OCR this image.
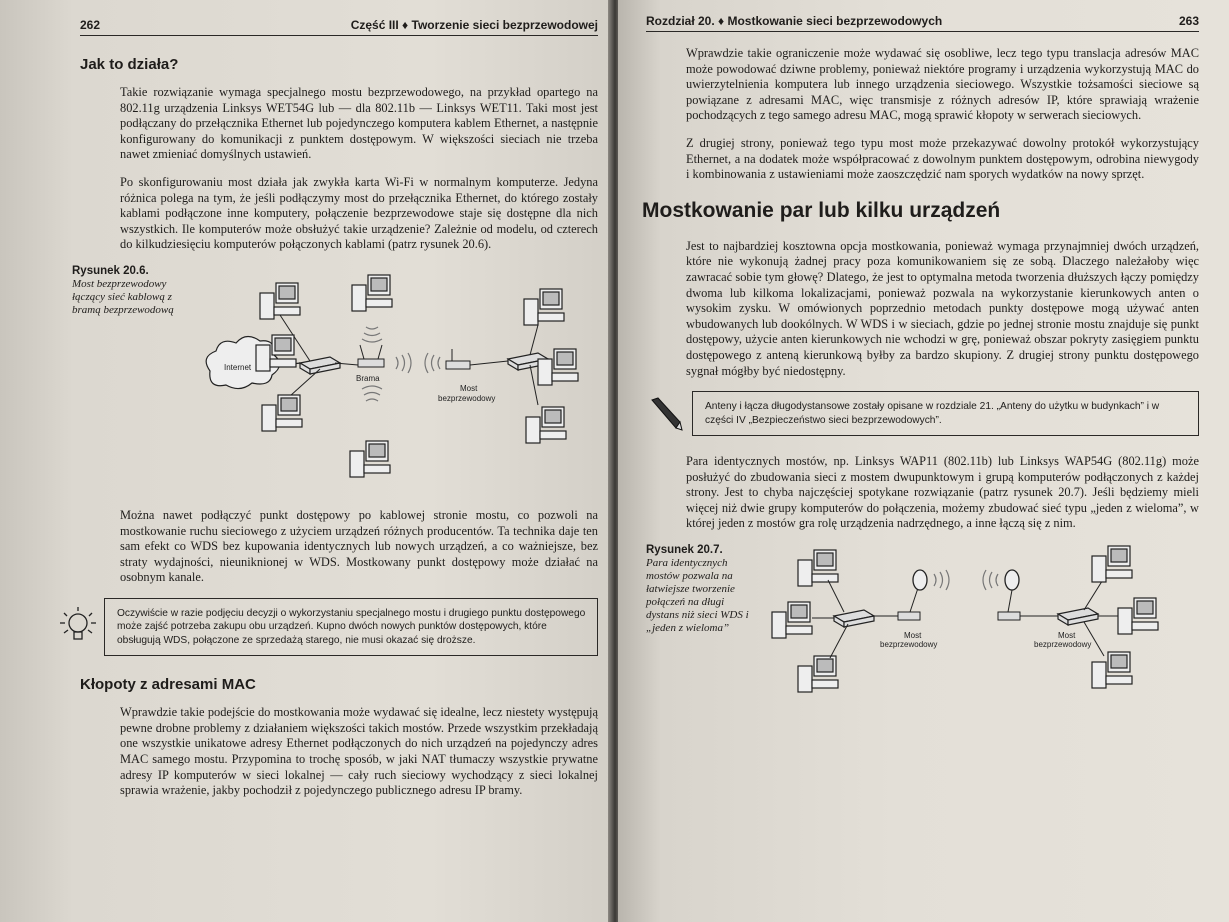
262	Część III ♦ Tworzenie sieci bezprzewodowej
Jak to działa?

Takie rozwiązanie wymaga specjalnego mostu bezprzewodowego, na przykład opartego na 802.11g urządzenia Linksys WET54G lub — dla 802.11b — Linksys WET11. Taki most jest podłączany do przełącznika Ethernet lub pojedynczego komputera kablem Ethernet, a następnie konfigurowany do komunikacji z punktem dostępowym. W większości sieciach nie trzeba nawet zmieniać domyślnych ustawień.

Po skonfigurowaniu most działa jak zwykła karta Wi-Fi w normalnym komputerze. Jedyna różnica polega na tym, że jeśli podłączymy most do przełącznika Ethernet, do którego zostały kablami podłączone inne komputery, połączenie bezprzewodowe staje się dostępne dla nich wszystkich. Ile komputerów może obsłużyć takie urządzenie? Zależnie od modelu, od czterech do kilkudziesięciu komputerów połączonych kablami (patrz rysunek 20.6).

Rysunek 20.6.
Most bezprzewodowy łączący sieć kablową z bramą bezprzewodową
Internet
Brama
Most
bezprzewodowy

Można nawet podłączyć punkt dostępowy po kablowej stronie mostu, co pozwoli na mostkowanie ruchu sieciowego z użyciem urządzeń różnych producentów. Ta technika daje ten sam efekt co WDS bez kupowania identycznych lub nowych urządzeń, a co ważniejsze, bez straty wydajności, nieuniknionej w WDS. Mostkowany punkt dostępowy może działać na osobnym kanale.

Oczywiście w razie podjęciu decyzji o wykorzystaniu specjalnego mostu i drugiego punktu dostępowego może zajść potrzeba zakupu obu urządzeń. Kupno dwóch nowych punktów dostępowych, które obsługują WDS, połączone ze sprzedażą starego, nie musi okazać się droższe.
Kłopoty z adresami MAC

Wprawdzie takie podejście do mostkowania może wydawać się idealne, lecz niestety występują pewne drobne problemy z działaniem większości takich mostów. Przede wszystkim przekładają one wszystkie unikatowe adresy Ethernet podłączonych do nich urządzeń na pojedynczy adres MAC samego mostu. Przypomina to trochę sposób, w jaki NAT tłumaczy wszystkie prywatne adresy IP komputerów w sieci lokalnej — cały ruch sieciowy wychodzący z sieci lokalnej sprawia wrażenie, jakby pochodził z pojedynczego publicznego adresu IP bramy.

Rozdział 20. ♦ Mostkowanie sieci bezprzewodowych	263

Wprawdzie takie ograniczenie może wydawać się osobliwe, lecz tego typu translacja adresów MAC może powodować dziwne problemy, ponieważ niektóre programy i urządzenia wykorzystują MAC do uwierzytelnienia komputera lub innego urządzenia sieciowego. Wszystkie tożsamości sieciowe są powiązane z adresami MAC, więc transmisje z różnych adresów IP, które sprawiają wrażenie pochodzących z tego samego adresu MAC, mogą sprawić kłopoty w serwerach sieciowych.

Z drugiej strony, ponieważ tego typu most może przekazywać dowolny protokół wykorzystujący Ethernet, a na dodatek może współpracować z dowolnym punktem dostępowym, odrobina niewygody i kombinowania z ustawieniami może zaoszczędzić nam sporych wydatków na nowy sprzęt.

Mostkowanie par lub kilku urządzeń

Jest to najbardziej kosztowna opcja mostkowania, ponieważ wymaga przynajmniej dwóch urządzeń, które nie wykonują żadnej pracy poza komunikowaniem się ze sobą. Dlaczego należałoby więc zawracać sobie tym głowę? Dlatego, że jest to optymalna metoda tworzenia dłuższych łączy pomiędzy dwoma lub kilkoma lokalizacjami, ponieważ pozwala na wykorzystanie kierunkowych anten o wysokim zysku. W omówionych poprzednio metodach punkty dostępowe mogą używać anten wbudowanych lub dookólnych. W WDS i w sieciach, gdzie po jednej stronie mostu znajduje się punkt dostępowy, użycie anten kierunkowych nie wchodzi w grę, ponieważ obszar pokryty zasięgiem punktu dostępowego z anteną kierunkową byłby za bardzo skupiony. Z drugiej strony punktu dostępowego sygnał mógłby być niedostępny.

Anteny i łącza długodystansowe zostały opisane w rozdziale 21. „Anteny do użytku w budynkach” i w części IV „Bezpieczeństwo sieci bezprzewodowych”.

Para identycznych mostów, np. Linksys WAP11 (802.11b) lub Linksys WAP54G (802.11g) może posłużyć do zbudowania sieci z mostem dwupunktowym i grupą komputerów podłączonych z każdej strony. Jest to chyba najczęściej spotykane rozwiązanie (patrz rysunek 20.7). Jeśli będziemy mieli więcej niż dwie grupy komputerów do połączenia, możemy zbudować sieć typu „jeden z wieloma”, w której jeden z mostów gra rolę urządzenia nadrzędnego, a inne łączą się z nim.

Rysunek 20.7.
Para identycznych mostów pozwala na łatwiejsze tworzenie połączeń na długi dystans niż sieci WDS i „jeden z wieloma”
Most
bezprzewodowy
Most
bezprzewodowy
